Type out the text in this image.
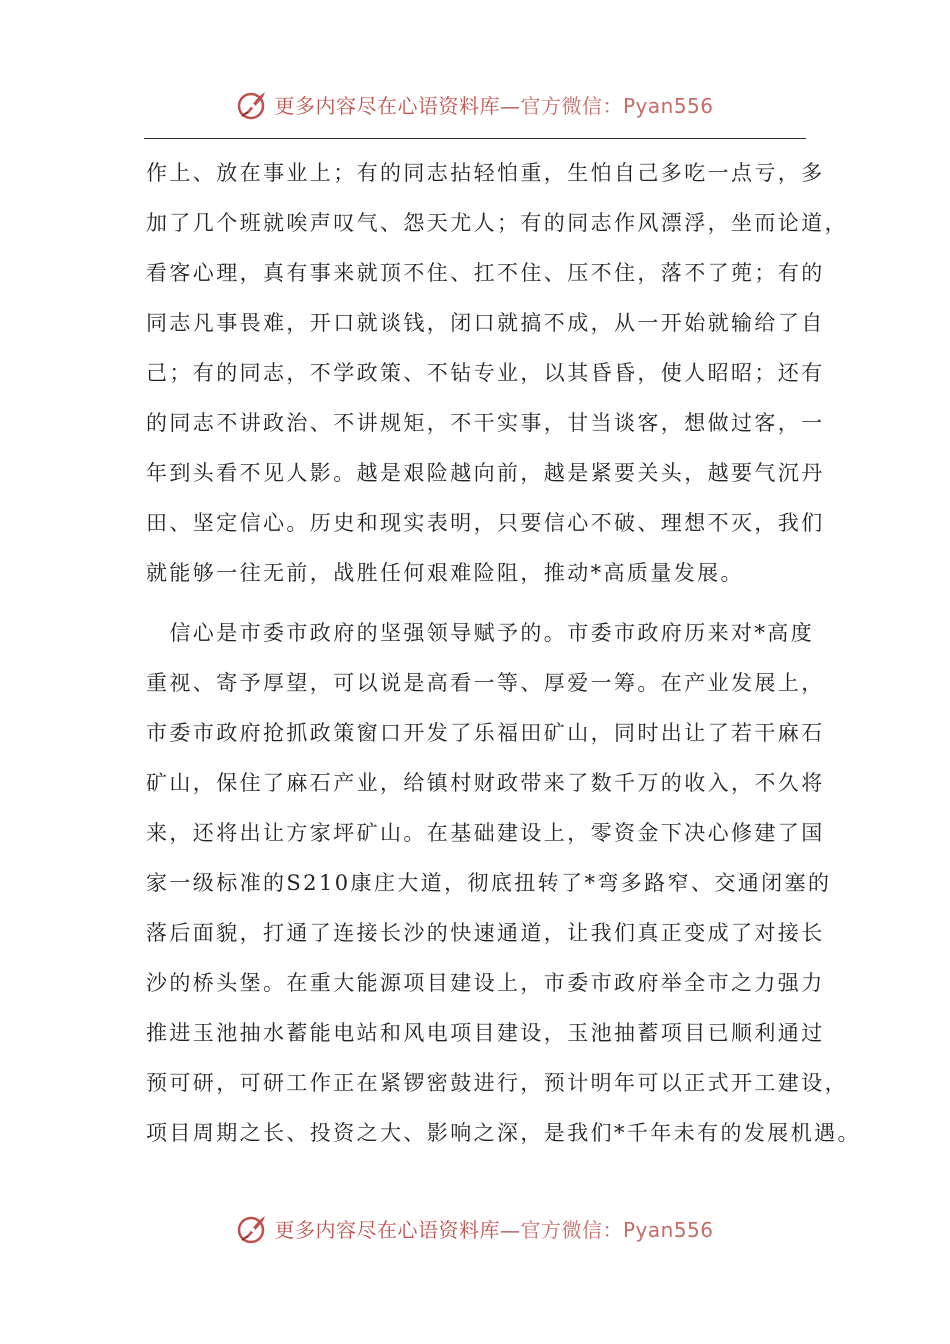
更多内容尽在心语资料库—官方微信：Pyan556
作上、放在事业上；有的同志拈轻怕重，生怕自己多吃一点亏，多
加了几个班就唉声叹气、怨天尤人；有的同志作风漂浮，坐而论道，
看客心理，真有事来就顶不住、扛不住、压不住，落不了蔸；有的
同志凡事畏难，开口就谈钱，闭口就搞不成，从一开始就输给了自
己；有的同志，不学政策、不钻专业，以其昏昏，使人昭昭；还有
的同志不讲政治、不讲规矩，不干实事，甘当谈客，想做过客，一
年到头看不见人影。越是艰险越向前，越是紧要关头，越要气沉丹
田、坚定信心。历史和现实表明，只要信心不破、理想不灭，我们
就能够一往无前，战胜任何艰难险阻，推动*高质量发展。
　信心是市委市政府的坚强领导赋予的。市委市政府历来对*高度
重视、寄予厚望，可以说是高看一等、厚爱一筹。在产业发展上，
市委市政府抢抓政策窗口开发了乐福田矿山，同时出让了若干麻石
矿山，保住了麻石产业，给镇村财政带来了数千万的收入，不久将
来，还将出让方家坪矿山。在基础建设上，零资金下决心修建了国
家一级标准的S210康庄大道，彻底扭转了*弯多路窄、交通闭塞的
落后面貌，打通了连接长沙的快速通道，让我们真正变成了对接长
沙的桥头堡。在重大能源项目建设上，市委市政府举全市之力强力
推进玉池抽水蓄能电站和风电项目建设，玉池抽蓄项目已顺利通过
预可研，可研工作正在紧锣密鼓进行，预计明年可以正式开工建设，
项目周期之长、投资之大、影响之深，是我们*千年未有的发展机遇。
更多内容尽在心语资料库—官方微信：Pyan556
